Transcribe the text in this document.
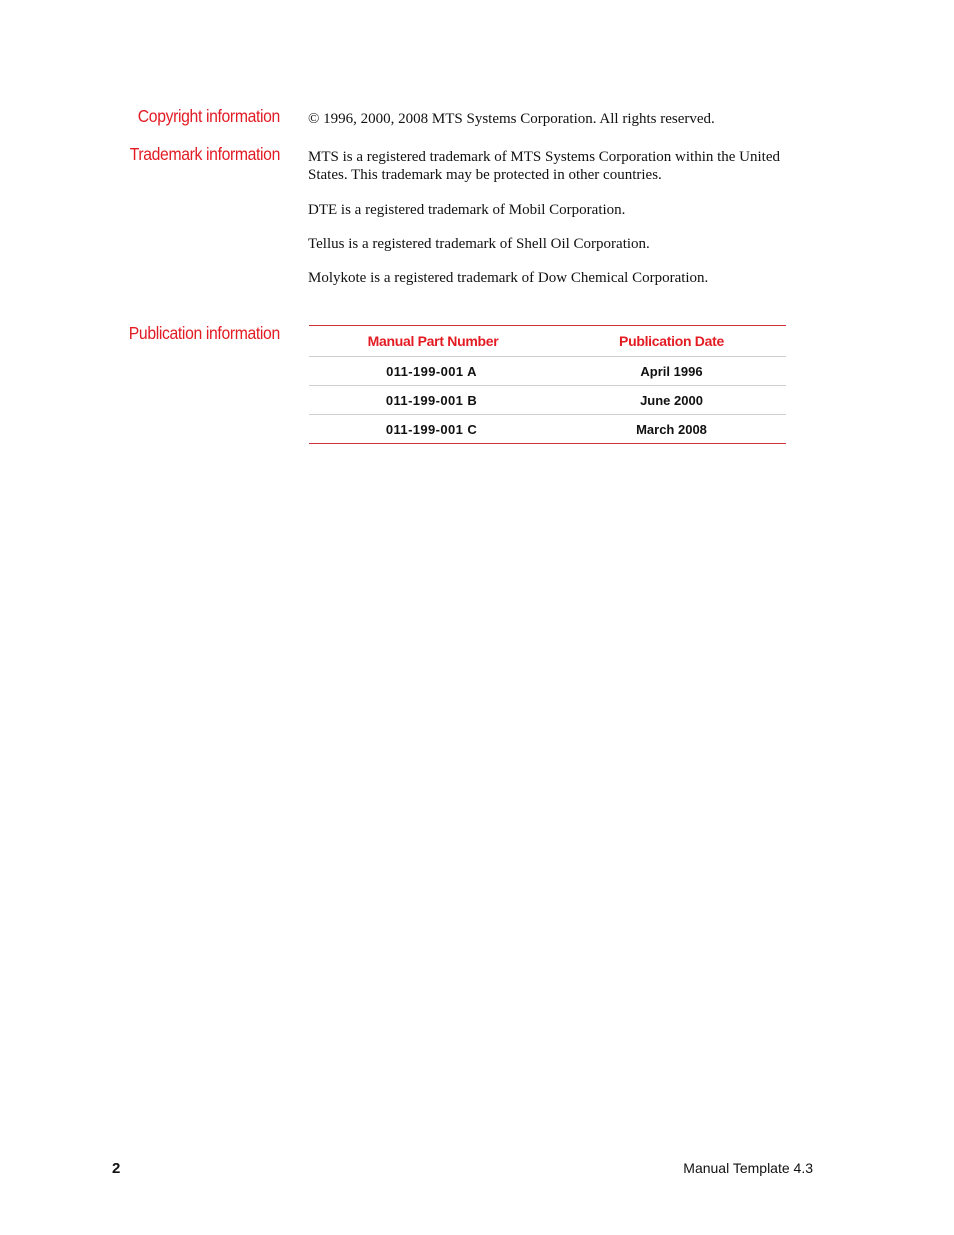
Copyright information © 1996, 2000, 2008 MTS Systems Corporation. All rights reserved.
Trademark information MTS is a registered trademark of MTS Systems Corporation within the United States. This trademark may be protected in other countries.
DTE is a registered trademark of Mobil Corporation.
Tellus is a registered trademark of Shell Oil Corporation.
Molykote is a registered trademark of Dow Chemical Corporation.
Publication information	Manual Part Number	Publication Date
011-199-001 A	April 1996
011-199-001 B	June 2000
011-199-001 C	March 2008
2	Manual Template 4.3
